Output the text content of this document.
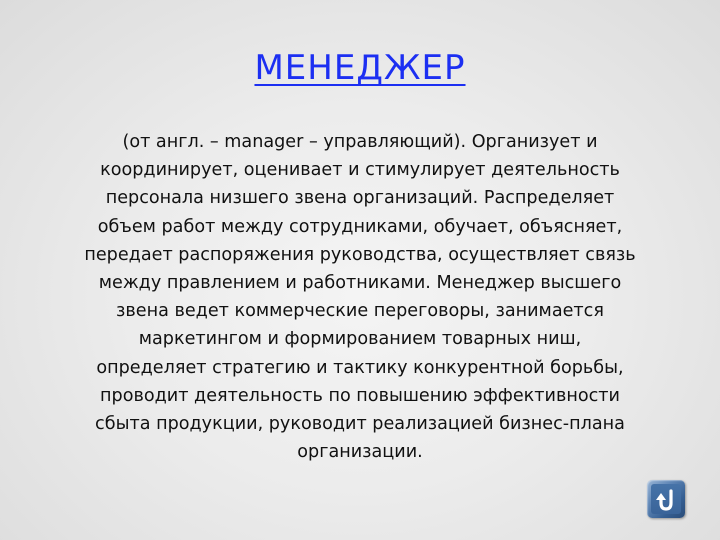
МЕНЕДЖЕР
(от англ. – manager – управляющий). Организует и
координирует, оценивает и стимулирует деятельность
персонала низшего звена организаций. Распределяет
объем работ между сотрудниками, обучает, объясняет,
передает распоряжения руководства, осуществляет связь
между правлением и работниками. Менеджер высшего
звена ведет коммерческие переговоры, занимается
маркетингом и формированием товарных ниш,
определяет стратегию и тактику конкурентной борьбы,
проводит деятельность по повышению эффективности
сбыта продукции, руководит реализацией бизнес-плана
организации.
